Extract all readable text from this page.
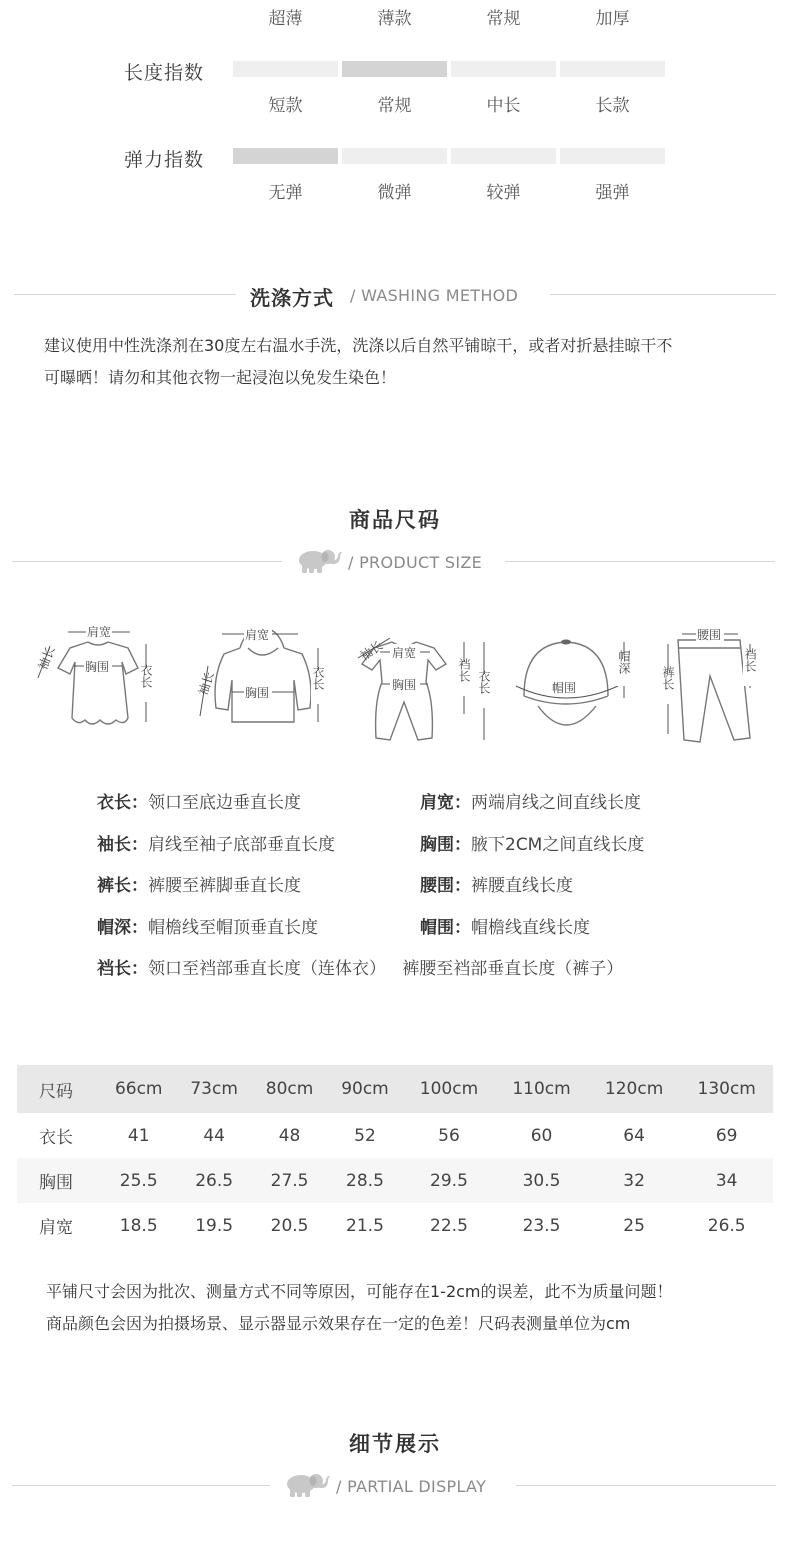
超薄	薄款	常规	加厚
长度指数
短款	常规	中长	长款
弹力指数
无弹	微弹	较弹	强弹
洗涤方式 / WASHING METHOD
建议使用中性洗涤剂在30度左右温水手洗，洗涤以后自然平铺晾干，或者对折悬挂晾干不
可曝晒！请勿和其他衣物一起浸泡以免发生染色！
商品尺码
/ PRODUCT SIZE
肩宽
胸围 衣长
袖长
肩宽
胸围
衣长
袖长
肩宽
胸围
裆长 衣长
袖长
帽围
帽深
腰围
裤长
裆长
衣长：领口至底边垂直长度	肩宽：两端肩线之间直线长度
袖长：肩线至袖子底部垂直长度	胸围：腋下2CM之间直线长度
裤长：裤腰至裤脚垂直长度	腰围：裤腰直线长度
帽深：帽檐线至帽顶垂直长度	帽围：帽檐线直线长度
裆长：领口至裆部垂直长度（连体衣）   裤腰至裆部垂直长度（裤子）
尺码	66cm	73cm	80cm	90cm	100cm	110cm	120cm	130cm
衣长	41	44	48	52	56	60	64	69
胸围	25.5	26.5	27.5	28.5	29.5	30.5	32	34
肩宽	18.5	19.5	20.5	21.5	22.5	23.5	25	26.5
平铺尺寸会因为批次、测量方式不同等原因，可能存在1-2cm的误差，此不为质量问题！
商品颜色会因为拍摄场景、显示器显示效果存在一定的色差！尺码表测量单位为cm
细节展示
/ PARTIAL DISPLAY
